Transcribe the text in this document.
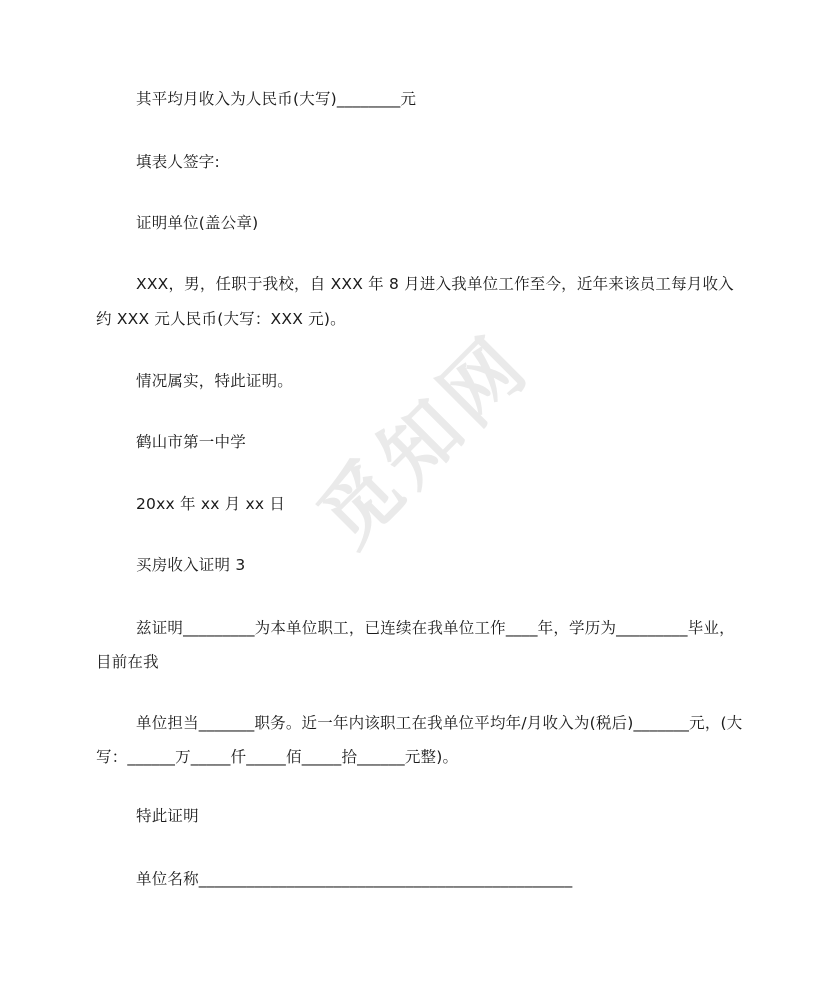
觅知网
其平均月收入为人民币(大写)________元
填表人签字:
证明单位(盖公章)
XXX，男，任职于我校，自 XXX 年 8 月进入我单位工作至今，近年来该员工每月收入
约 XXX 元人民币(大写：XXX 元)。
情况属实，特此证明。
鹤山市第一中学
20xx 年 xx 月 xx 日
买房收入证明 3
兹证明_________为本单位职工，已连续在我单位工作____年，学历为_________毕业，
目前在我
单位担当_______职务。近一年内该职工在我单位平均年/月收入为(税后)_______元，(大
写：______万_____仟_____佰_____拾______元整)。
特此证明
单位名称_______________________________________________
